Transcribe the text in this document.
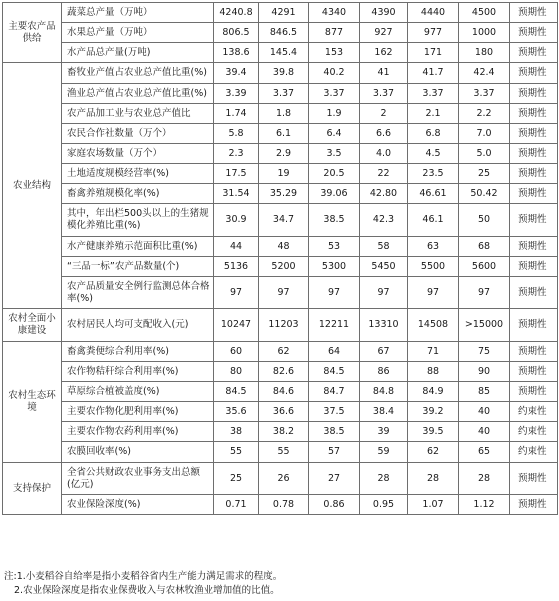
主要农产品供给	蔬菜总产量（万吨）	4240.8	4291	4340	4390	4440	4500	预期性
	水果总产量（万吨）	806.5	846.5	877	927	977	1000	预期性
	水产品总产量(万吨)	138.6	145.4	153	162	171	180	预期性
农业结构	畜牧业产值占农业总产值比重(%)	39.4	39.8	40.2	41	41.7	42.4	预期性
	渔业总产值占农业总产值比重(%)	3.39	3.37	3.37	3.37	3.37	3.37	预期性
	农产品加工业与农业总产值比	1.74	1.8	1.9	2	2.1	2.2	预期性
	农民合作社数量（万个）	5.8	6.1	6.4	6.6	6.8	7.0	预期性
	家庭农场数量（万个）	2.3	2.9	3.5	4.0	4.5	5.0	预期性
	土地适度规模经营率(%)	17.5	19	20.5	22	23.5	25	预期性
	畜禽养殖规模化率(%)	31.54	35.29	39.06	42.80	46.61	50.42	预期性
	其中，年出栏500头以上的生猪规模化养殖比重(%)	30.9	34.7	38.5	42.3	46.1	50	预期性
	水产健康养殖示范面积比重(%)	44	48	53	58	63	68	预期性
	“三品一标”农产品数量(个)	5136	5200	5300	5450	5500	5600	预期性
	农产品质量安全例行监测总体合格率(%)	97	97	97	97	97	97	预期性
农村全面小康建设	农村居民人均可支配收入(元)	10247	11203	12211	13310	14508	>15000	预期性
农村生态环境	畜禽粪便综合利用率(%)	60	62	64	67	71	75	预期性
	农作物秸秆综合利用率(%)	80	82.6	84.5	86	88	90	预期性
	草原综合植被盖度(%)	84.5	84.6	84.7	84.8	84.9	85	预期性
	主要农作物化肥利用率(%)	35.6	36.6	37.5	38.4	39.2	40	约束性
	主要农作物农药利用率(%)	38	38.2	38.5	39	39.5	40	约束性
	农膜回收率(%)	55	55	57	59	62	65	约束性
支持保护	全省公共财政农业事务支出总额(亿元)	25	26	27	28	28	28	预期性
	农业保险深度(%)	0.71	0.78	0.86	0.95	1.07	1.12	预期性
注:1.小麦稻谷自给率是指小麦稻谷省内生产能力满足需求的程度。
2.农业保险深度是指农业保费收入与农林牧渔业增加值的比值。
